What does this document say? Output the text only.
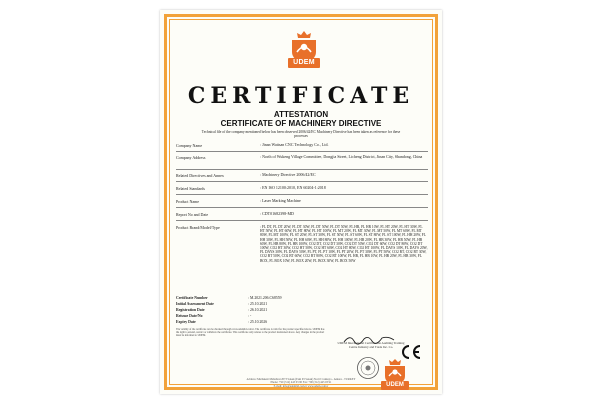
UDEM
CERTIFICATE
ATTESTATION
CERTIFICATE OF MACHINERY DIRECTIVE
Technical file of the company mentioned below has been observed 2006/42/EC Machinery Directive has been taken as reference for these processes
Company Name	: Jinan Wattsan CNC Technology Co., Ltd.
Company Address	: North of Wukeng Village Committee, Dongjia Street, Licheng District, Jinan City, Shandong, China
Related Directives and Annex	: Machinery Directive 2006/42/EC
Related Standards	: EN ISO 12100:2010, EN 60204-1:2018
Product Name	: Laser Marking Machine
Report No and Date	: CDT01682398-MD
Product Brand/Model/Type	: FL DT, FL DT 20W, FL DT 30W, FL DT 50W, FL DT 50W, FL HR, FL HR 10W, FL HT 20W, FL HT 30W, FL HT 50W, FL HT 60W, FL HT 80W, FL HT 100W, FL MT 20W, FL MT 30W, FL MT 50W, FL MT 60W, FL MT 80W, FL MT 100W, FL ST 20W, FL ST 30W, FL ST 50W, FL ST 60W, FL ST 80W, FL ST 100W, FL HH 20W, FL HH 30W, FL HH 50W, FL HH 60W, FL HH 80W, FL HH 100W, FL HB 20W, FL HB 30W, FL HB 50W, FL HB 60W, FL HB 80W, FL HB 100W, CO2 DT, CO2 DT 30W, CO2 DT 50W, CO2 DT 60W, CO2 DT 80W, CO2 DT 100W, CO2 HT 30W, CO2 HT 50W, CO2 HT 60W, CO2 HT 80W, CO2 HT 100W, FL DAYS 10W, FL DAYS 20W, FL DAYS 30W, FL DAYS 50W, FL PT, FL PT 10W, FL PT 20W, FL PT 30W, FL PT 50W, CO2 BT, CO2 BT 30W, CO2 BT 50W, CO2 BT 60W, CO2 BT 80W, CO2 BT 100W, FL HB, FL HB 10W, FL HB 20W, FL HB 30W, FL BOX, FL BOX 10W, FL BOX 20W, FL BOX 30W, FL BOX 50W
Certificate Number	: M.2021.206.C68559
Initial Assessment Date	: 25.10.2021
Registration Date	: 26.10.2021
Reissue Date/No	: -
Expiry Date	: 25.10.2026
The validity of the certificate can be checked through www.udemltd.com.tr. The certificate is valid for the product specified above. UDEM has the right to extend, restrict or withdraw the certificate. This certificate only relates to the product mentioned above. Any changes in the product must be informed to UDEM.
UDEM International Certification Auditing Training Centre Industry and Trade Inc. Co.
UDEM
Address: Mutlukent Mahallesi 2073 Sokak (Eski 93 Sokak) No:10 Cankaya - Ankara - TURKEY
Phone: +90 (312) 443 03 90 Fax: +90 (312) 443 03 91
E-mail: info@udemltd.com.tr www.udem.com.tr
